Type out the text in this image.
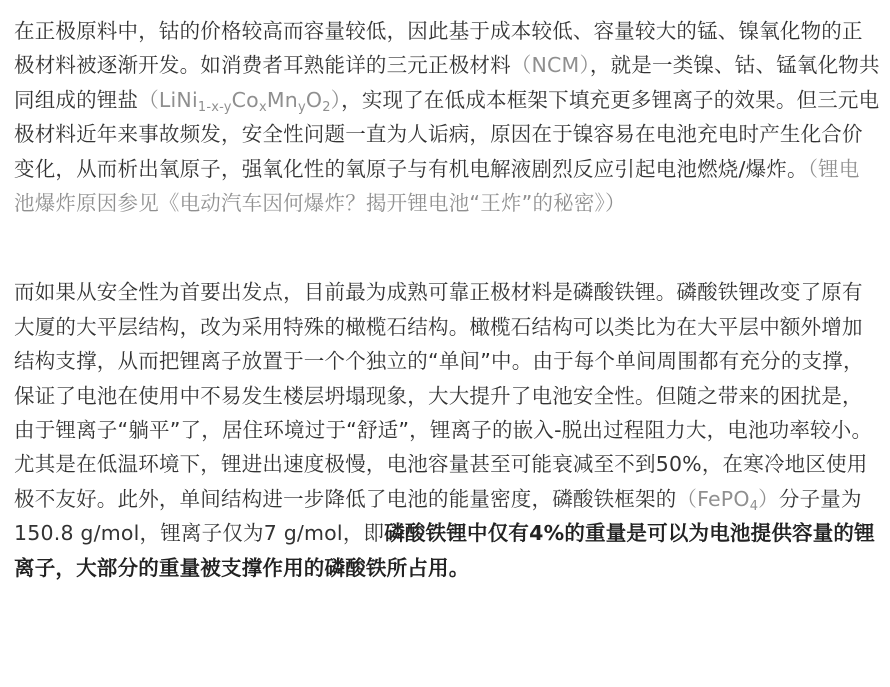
在正极原料中，钴的价格较高而容量较低，因此基于成本较低、容量较大的锰、镍氧化物的正极材料被逐渐开发。如消费者耳熟能详的三元正极材料（NCM），就是一类镍、钴、锰氧化物共同组成的锂盐$(LiNi_{1-x-y}Co_xMn_yO_2)$，实现了在低成本框架下填充更多锂离子的效果。但三元电极材料近年来事故频发，安全性问题一直为人诟病，原因在于镍容易在电池充电时产生化合价变化，从而析出氧原子，强氧化性的氧原子与有机电解液剧烈反应引起电池燃烧/爆炸。（锂电池爆炸原因参见《电动汽车因何爆炸？揭开锂电池“王炸”的秘密》）

而如果从安全性为首要出发点，目前最为成熟可靠正极材料是磷酸铁锂。磷酸铁锂改变了原有大厦的大平层结构，改为采用特殊的橄榄石结构。橄榄石结构可以类比为在大平层中额外增加结构支撑，从而把锂离子放置于一个个独立的“单间”中。由于每个单间周围都有充分的支撑，保证了电池在使用中不易发生楼层坍塌现象，大大提升了电池安全性。但随之带来的困扰是，由于锂离子“躺平”了，居住环境过于“舒适”，锂离子的嵌入-脱出过程阻力大，电池功率较小。尤其是在低温环境下，锂进出速度极慢，电池容量甚至可能衰减至不到50%，在寒冷地区使用极不友好。此外，单间结构进一步降低了电池的能量密度，磷酸铁框架的（FePO$_4$）分子量为150.8 g/mol，锂离子仅为7 g/mol，即磷酸铁锂中仅有4%的重量是可以为电池提供容量的锂离子，大部分的重量被支撑作用的磷酸铁所占用。
